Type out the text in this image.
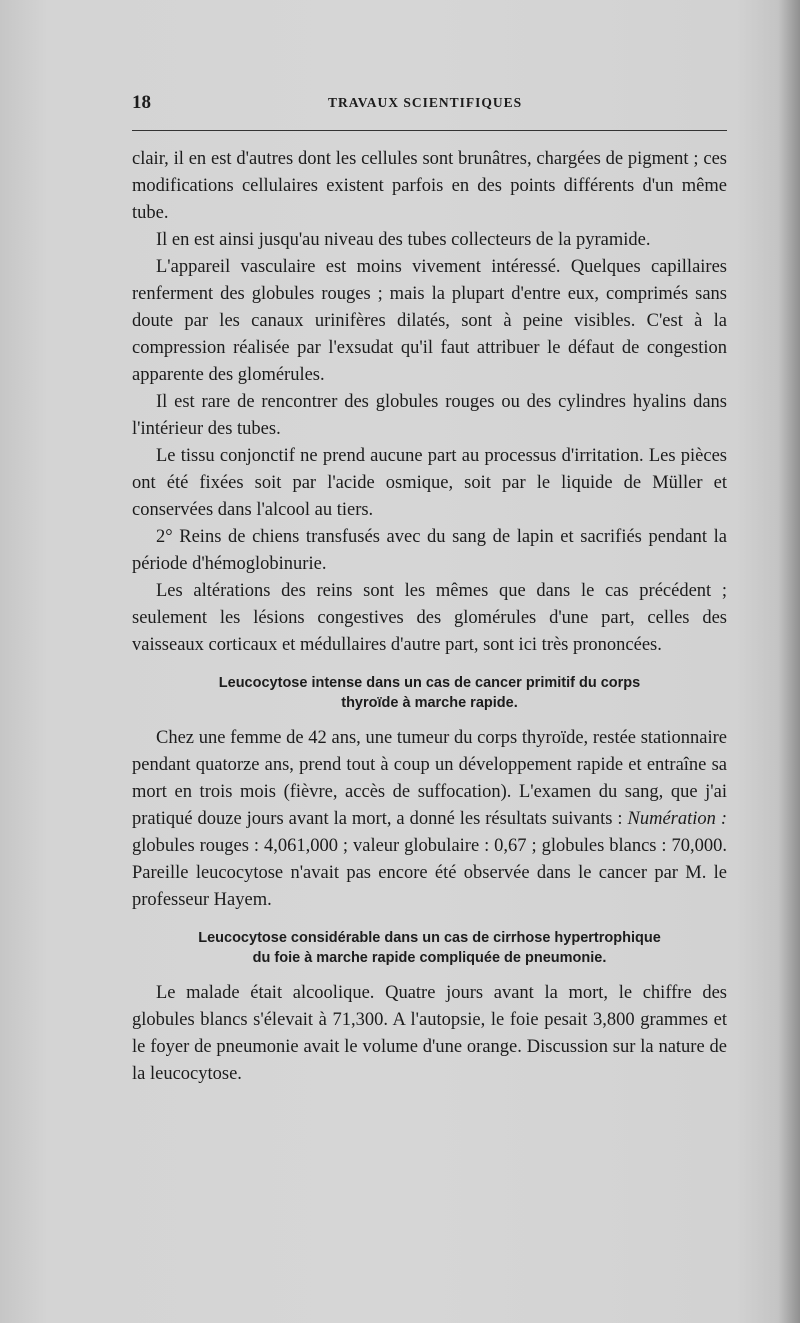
18	TRAVAUX SCIENTIFIQUES

clair, il en est d'autres dont les cellules sont brunâtres, chargées de pigment ; ces modifications cellulaires existent parfois en des points différents d'un même tube.

Il en est ainsi jusqu'au niveau des tubes collecteurs de la pyramide.

L'appareil vasculaire est moins vivement intéressé. Quelques capillaires renferment des globules rouges ; mais la plupart d'entre eux, comprimés sans doute par les canaux urinifères dilatés, sont à peine visibles. C'est à la compression réalisée par l'exsudat qu'il faut attribuer le défaut de congestion apparente des glomérules.

Il est rare de rencontrer des globules rouges ou des cylindres hyalins dans l'intérieur des tubes.

Le tissu conjonctif ne prend aucune part au processus d'irritation. Les pièces ont été fixées soit par l'acide osmique, soit par le liquide de Müller et conservées dans l'alcool au tiers.

2° Reins de chiens transfusés avec du sang de lapin et sacrifiés pendant la période d'hémoglobinurie.

Les altérations des reins sont les mêmes que dans le cas précédent ; seulement les lésions congestives des glomérules d'une part, celles des vaisseaux corticaux et médullaires d'autre part, sont ici très prononcées.

Leucocytose intense dans un cas de cancer primitif du corps
thyroïde à marche rapide.

Chez une femme de 42 ans, une tumeur du corps thyroïde, restée stationnaire pendant quatorze ans, prend tout à coup un développement rapide et entraîne sa mort en trois mois (fièvre, accès de suffocation). L'examen du sang, que j'ai pratiqué douze jours avant la mort, a donné les résultats suivants : Numération : globules rouges : 4,061,000 ; valeur globulaire : 0,67 ; globules blancs : 70,000. Pareille leucocytose n'avait pas encore été observée dans le cancer par M. le professeur Hayem.

Leucocytose considérable dans un cas de cirrhose hypertrophique
du foie à marche rapide compliquée de pneumonie.

Le malade était alcoolique. Quatre jours avant la mort, le chiffre des globules blancs s'élevait à 71,300. A l'autopsie, le foie pesait 3,800 grammes et le foyer de pneumonie avait le volume d'une orange. Discussion sur la nature de la leucocytose.
